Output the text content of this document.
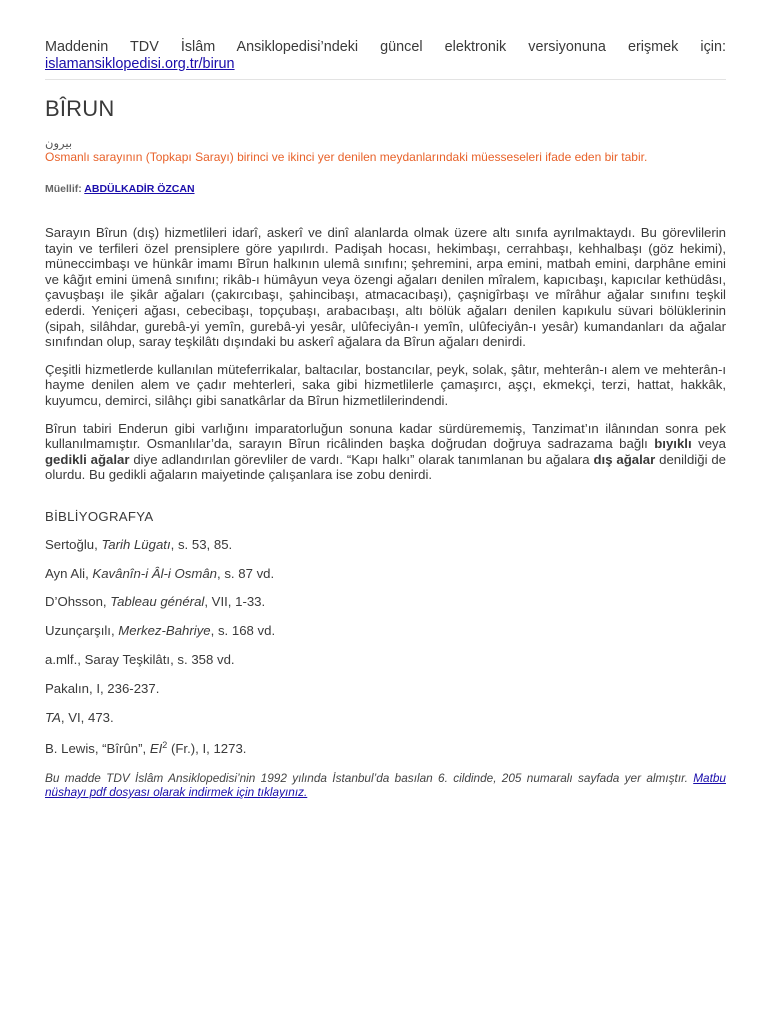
Maddenin TDV İslâm Ansiklopedisi’ndeki güncel elektronik versiyonuna erişmek için: islamansiklopedisi.org.tr/birun
BÎRUN
بيرون
Osmanlı sarayının (Topkapı Sarayı) birinci ve ikinci yer denilen meydanlarındaki müesseseleri ifade eden bir tabir.
Müellif: ABDÜLKADİR ÖZCAN

Sarayın Bîrun (dış) hizmetlileri idarî, askerî ve dinî alanlarda olmak üzere altı sınıfa ayrılmaktaydı. Bu görevlilerin tayin ve terfileri özel prensiplere göre yapılırdı. Padişah hocası, hekimbaşı, cerrahbaşı, kehhalbaşı (göz hekimi), müneccimbaşı ve hünkâr imamı Bîrun halkının ulemâ sınıfını; şehremini, arpa emini, matbah emini, darphâne emini ve kâğıt emini ümenâ sınıfını; rikâb-ı hümâyun veya özengi ağaları denilen mîralem, kapıcıbaşı, kapıcılar kethüdâsı, çavuşbaşı ile şikâr ağaları (çakırcıbaşı, şahincibaşı, atmacacıbaşı), çaşnigîrbaşı ve mîrâhur ağalar sınıfını teşkil ederdi. Yeniçeri ağası, cebecibaşı, topçubaşı, arabacıbaşı, altı bölük ağaları denilen kapıkulu süvari bölüklerinin (sipah, silâhdar, gurebâ-yi yemîn, gurebâ-yi yesâr, ulûfeciyân-ı yemîn, ulûfeciyân-ı yesâr) kumandanları da ağalar sınıfından olup, saray teşkilâtı dışındaki bu askerî ağalara da Bîrun ağaları denirdi.

Çeşitli hizmetlerde kullanılan müteferrikalar, baltacılar, bostancılar, peyk, solak, şâtır, mehterân-ı alem ve mehterân-ı hayme denilen alem ve çadır mehterleri, saka gibi hizmetlilerle çamaşırcı, aşçı, ekmekçi, terzi, hattat, hakkâk, kuyumcu, demirci, silâhçı gibi sanatkârlar da Bîrun hizmetlilerindendi.

Bîrun tabiri Enderun gibi varlığını imparatorluğun sonuna kadar sürdürememiş, Tanzimat’ın ilânından sonra pek kullanılmamıştır. Osmanlılar’da, sarayın Bîrun ricâlinden başka doğrudan doğruya sadrazama bağlı bıyıklı veya gedikli ağalar diye adlandırılan görevliler de vardı. “Kapı halkı” olarak tanımlanan bu ağalara dış ağalar denildiği de olurdu. Bu gedikli ağaların maiyetinde çalışanlara ise zobu denirdi.

BİBLİYOGRAFYA
Sertoğlu, Tarih Lügatı, s. 53, 85.
Ayn Ali, Kavânîn-i Âl-i Osmân, s. 87 vd.
D’Ohsson, Tableau général, VII, 1-33.
Uzunçarşılı, Merkez-Bahriye, s. 168 vd.
a.mlf., Saray Teşkilâtı, s. 358 vd.
Pakalın, I, 236-237.
TA, VI, 473.
B. Lewis, “Bîrûn”, $EI^2$ (Fr.), I, 1273.
Bu madde TDV İslâm Ansiklopedisi’nin 1992 yılında İstanbul’da basılan 6. cildinde, 205 numaralı sayfada yer almıştır. Matbu nüshayı pdf dosyası olarak indirmek için tıklayınız.
